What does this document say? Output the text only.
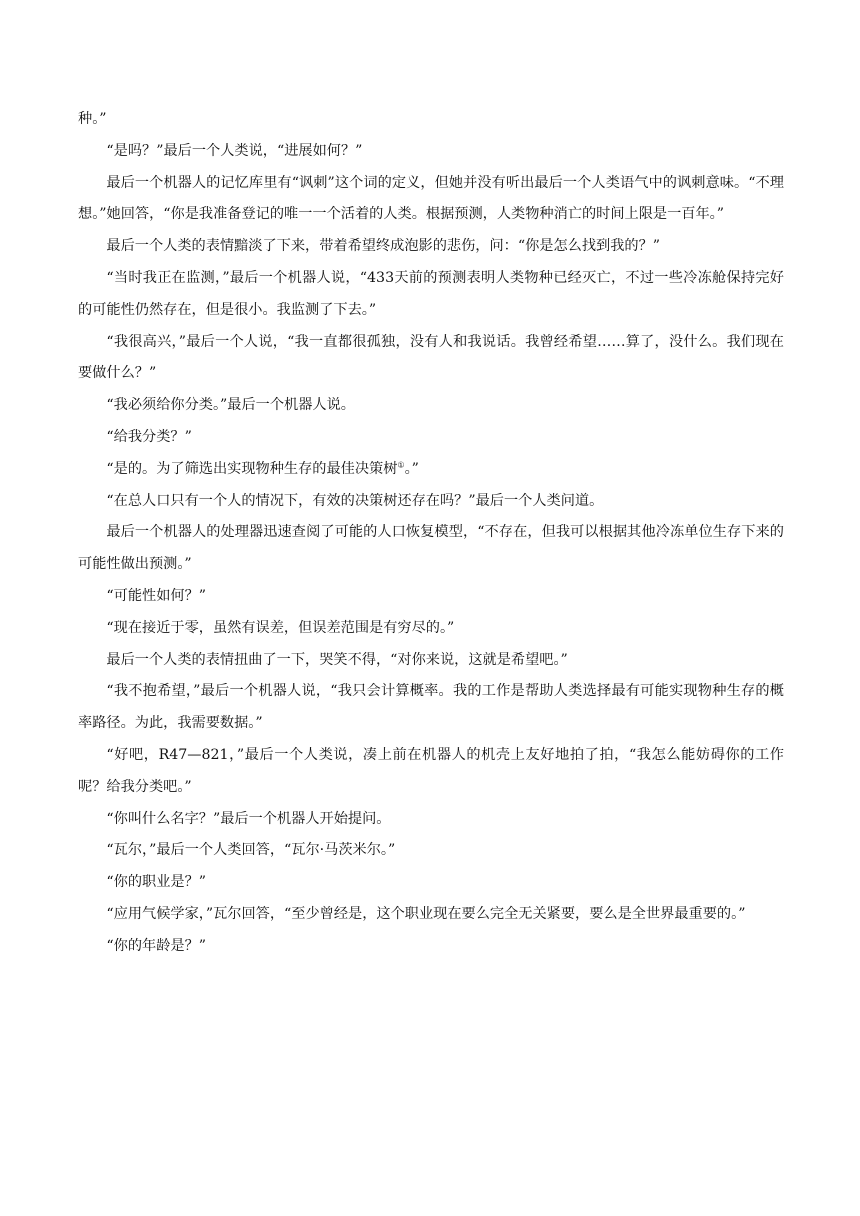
种。”

“是吗？”最后一个人类说，“进展如何？”

最后一个机器人的记忆库里有“讽刺”这个词的定义，但她并没有听出最后一个人类语气中的讽刺意味。“不理想。”她回答，“你是我准备登记的唯一一个活着的人类。根据预测，人类物种消亡的时间上限是一百年。”

最后一个人类的表情黯淡了下来，带着希望终成泡影的悲伤，问：“你是怎么找到我的？”

“当时我正在监测，”最后一个机器人说，“433天前的预测表明人类物种已经灭亡，不过一些冷冻舱保持完好的可能性仍然存在，但是很小。我监测了下去。”

“我很高兴，”最后一个人说，“我一直都很孤独，没有人和我说话。我曾经希望……算了，没什么。我们现在要做什么？”

“我必须给你分类。”最后一个机器人说。

“给我分类？”

“是的。为了筛选出实现物种生存的最佳决策树①。”

“在总人口只有一个人的情况下，有效的决策树还存在吗？”最后一个人类问道。

最后一个机器人的处理器迅速查阅了可能的人口恢复模型，“不存在，但我可以根据其他冷冻单位生存下来的可能性做出预测。”

“可能性如何？”

“现在接近于零，虽然有误差，但误差范围是有穷尽的。”

最后一个人类的表情扭曲了一下，哭笑不得，“对你来说，这就是希望吧。”

“我不抱希望，”最后一个机器人说，“我只会计算概率。我的工作是帮助人类选择最有可能实现物种生存的概率路径。为此，我需要数据。”

“好吧，R47—821，”最后一个人类说，凑上前在机器人的机壳上友好地拍了拍，“我怎么能妨碍你的工作呢？给我分类吧。”

“你叫什么名字？”最后一个机器人开始提问。

“瓦尔，”最后一个人类回答，“瓦尔·马茨米尔。”

“你的职业是？”

“应用气候学家，”瓦尔回答，“至少曾经是，这个职业现在要么完全无关紧要，要么是全世界最重要的。”

“你的年龄是？”
